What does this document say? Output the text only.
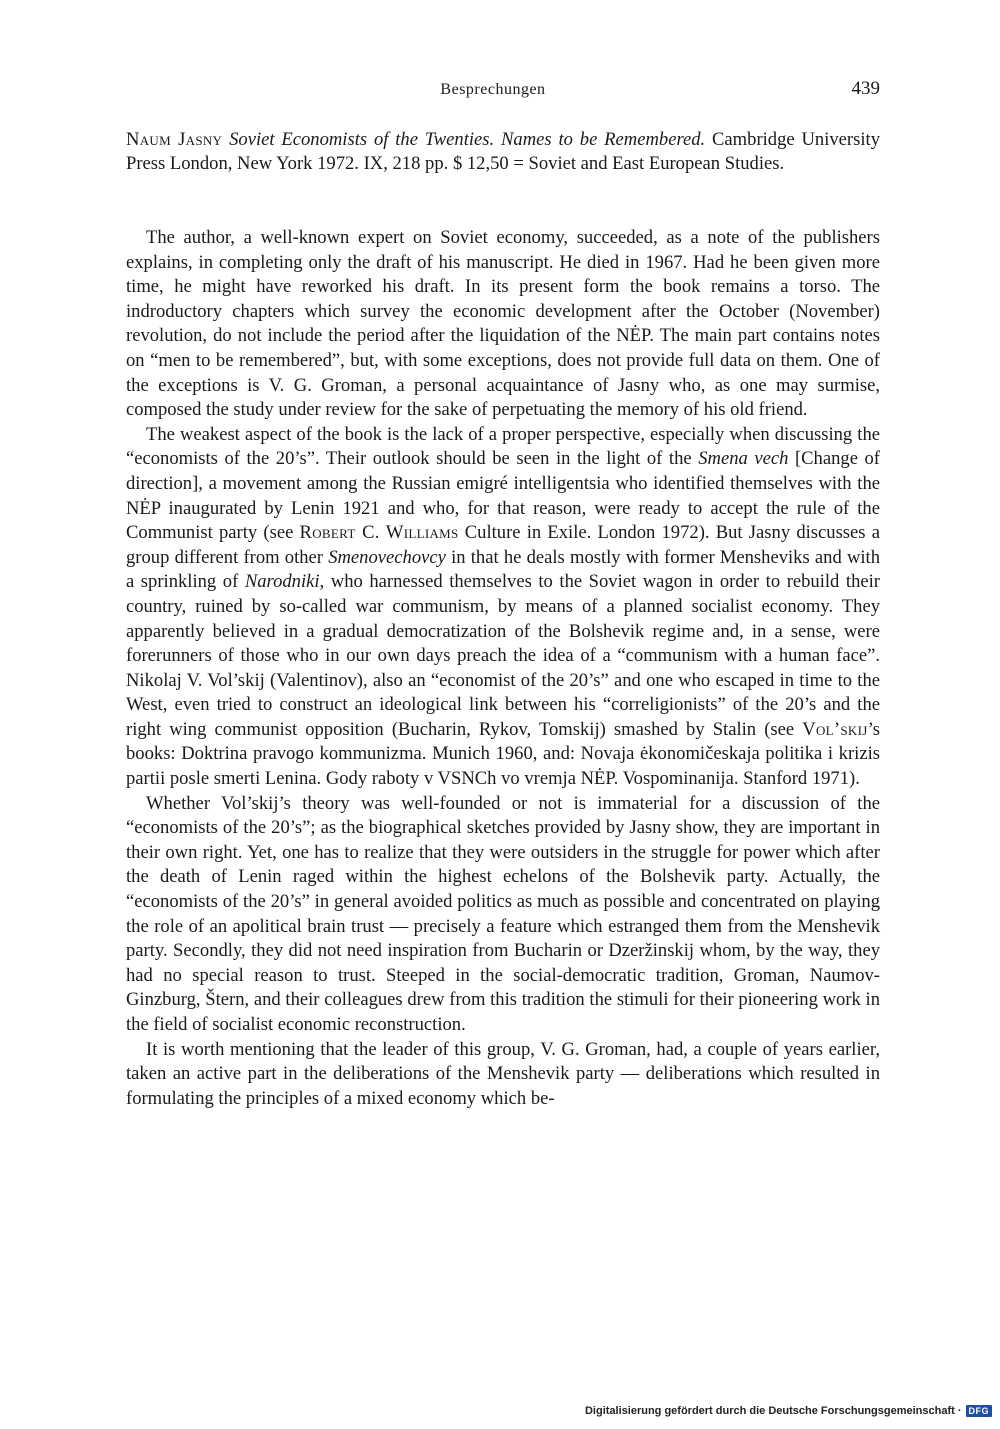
Besprechungen	439
Naum Jasny Soviet Economists of the Twenties. Names to be Remembered. Cambridge University Press London, New York 1972. IX, 218 pp. $ 12,50 = Soviet and East European Studies.

The author, a well-known expert on Soviet economy, succeeded, as a note of the publishers explains, in completing only the draft of his manuscript. He died in 1967. Had he been given more time, he might have reworked his draft. In its present form the book remains a torso. The indroductory chapters which survey the economic development after the October (November) revolution, do not include the period after the liquidation of the NĖP. The main part contains notes on “men to be remembered”, but, with some exceptions, does not provide full data on them. One of the exceptions is V. G. Groman, a personal acquaintance of Jasny who, as one may surmise, composed the study under review for the sake of perpetuating the memory of his old friend.

The weakest aspect of the book is the lack of a proper perspective, especially when discussing the “economists of the 20’s”. Their outlook should be seen in the light of the Smena vech [Change of direction], a movement among the Russian emigré intelligentsia who identified themselves with the NĖP inaugurated by Lenin 1921 and who, for that reason, were ready to accept the rule of the Communist party (see Robert C. Williams Culture in Exile. London 1972). But Jasny discusses a group different from other Smenovechovcy in that he deals mostly with former Mensheviks and with a sprinkling of Narodniki, who harnessed themselves to the Soviet wagon in order to rebuild their country, ruined by so-called war communism, by means of a planned socialist economy. They apparently believed in a gradual democratization of the Bolshevik regime and, in a sense, were forerunners of those who in our own days preach the idea of a “communism with a human face”. Nikolaj V. Vol’skij (Valentinov), also an “economist of the 20’s” and one who escaped in time to the West, even tried to construct an ideological link between his “correligionists” of the 20’s and the right wing communist opposition (Bucharin, Rykov, Tomskij) smashed by Stalin (see Vol’skij’s books: Doktrina pravogo kommunizma. Munich 1960, and: Novaja ėkonomičeskaja politika i krizis partii posle smerti Lenina. Gody raboty v VSNCh vo vremja NĖP. Vospominanija. Stanford 1971).

Whether Vol’skij’s theory was well-founded or not is immaterial for a discussion of the “economists of the 20’s”; as the biographical sketches provided by Jasny show, they are important in their own right. Yet, one has to realize that they were outsiders in the struggle for power which after the death of Lenin raged within the highest echelons of the Bolshevik party. Actually, the “economists of the 20’s” in general avoided politics as much as possible and concentrated on playing the role of an apolitical brain trust — precisely a feature which estranged them from the Menshevik party. Secondly, they did not need inspiration from Bucharin or Dzeržinskij whom, by the way, they had no special reason to trust. Steeped in the social-democratic tradition, Groman, Naumov-Ginzburg, Štern, and their colleagues drew from this tradition the stimuli for their pioneering work in the field of socialist economic reconstruction.

It is worth mentioning that the leader of this group, V. G. Groman, had, a couple of years earlier, taken an active part in the deliberations of the Menshevik party — deliberations which resulted in formulating the principles of a mixed economy which be-

Digitalisierung gefördert durch die Deutsche Forschungsgemeinschaft · DFG
